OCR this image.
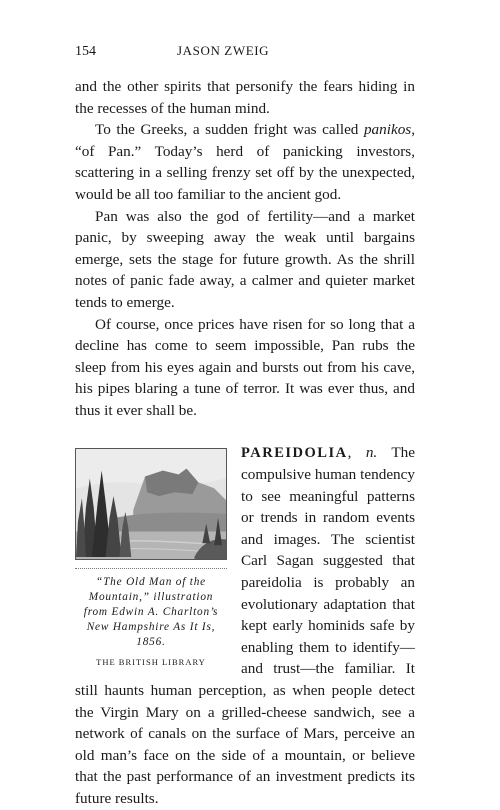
154	JASON ZWEIG

and the other spirits that personify the fears hiding in the recesses of the human mind.

To the Greeks, a sudden fright was called panikos, “of Pan.” Today’s herd of panicking investors, scattering in a selling frenzy set off by the unexpected, would be all too familiar to the ancient god.

Pan was also the god of fertility—and a market panic, by sweeping away the weak until bargains emerge, sets the stage for future growth. As the shrill notes of panic fade away, a calmer and quieter market tends to emerge.

Of course, once prices have risen for so long that a decline has come to seem impossible, Pan rubs the sleep from his eyes again and bursts out from his cave, his pipes blaring a tune of terror. It was ever thus, and thus it ever shall be.

“The Old Man of the Mountain,” illustration from Edwin A. Charlton’s New Hampshire As It Is, 1856.
THE BRITISH LIBRARY

PAREIDOLIA, n. The compulsive human tendency to see meaningful patterns or trends in random events and images. The scientist Carl Sagan suggested that pareidolia is probably an evolutionary adaptation that kept early hominids safe by enabling them to identify—and trust—the familiar. It still haunts human perception, as when people detect the Virgin Mary on a grilled-cheese sandwich, see a network of canals on the surface of Mars, perceive an old man’s face on the side of a mountain, or believe that the past performance of an investment predicts its future results.
